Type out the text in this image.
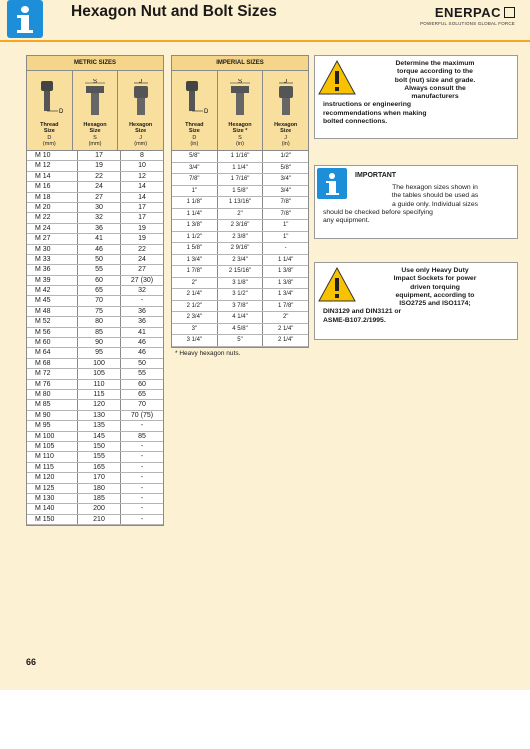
Hexagon Nut and Bolt Sizes	ENERPAC
POWERFUL SOLUTIONS GLOBAL FORCE
METRIC SIZES
D
Thread
Size
D
(mm)
S
Hexagon
Size
S
(mm)
J
Hexagon
Size
J
(mm)
M 10	17	8
M 12	19	10
M 14	22	12
M 16	24	14
M 18	27	14
M 20	30	17
M 22	32	17
M 24	36	19
M 27	41	19
M 30	46	22
M 33	50	24
M 36	55	27
M 39	60	27 (30)
M 42	65	32
M 45	70	-
M 48	75	36
M 52	80	36
M 56	85	41
M 60	90	46
M 64	95	46
M 68	100	50
M 72	105	55
M 76	110	60
M 80	115	65
M 85	120	70
M 90	130	70 (75)
M 95	135	-
M 100	145	85
M 105	150	-
M 110	155	-
M 115	165	-
M 120	170	-
M 125	180	-
M 130	185	-
M 140	200	-
M 150	210	-
IMPERIAL SIZES
D
Thread
Size
D
(in)
S
Hexagon
Size *
S
(in)
J
Hexagon
Size
J
(in)
5/8"	1 1/16"	1/2"
3/4"	1 1/4"	5/8"
7/8"	1 7/16"	3/4"
1"	1 5/8"	3/4"
1 1/8"	1 13/16"	7/8"
1 1/4"	2"	7/8"
1 3/8"	2 3/16"	1"
1 1/2"	2 3/8"	1"
1 5/8"	2 9/16"	-
1 3/4"	2 3/4"	1 1/4"
1 7/8"	2 15/16"	1 3/8"
2"	3 1/8"	1 3/8"
2 1/4"	3 1/2"	1 3/4"
2 1/2"	3 7/8"	1 7/8"
2 3/4"	4 1/4"	2"
3"	4 5/8"	2 1/4"
3 1/4"	5"	2 1/4"
* Heavy hexagon nuts.
Determine the maximum
torque according to the
bolt (nut) size and grade.
Always consult the
manufacturers
instructions or engineering
recommendations when making
bolted connections.
IMPORTANT
The hexagon sizes shown in
the tables should be used as
a guide only. Individual sizes
should be checked before specifying
any equipment.
Use only Heavy Duty
Impact Sockets for power
driven torquing
equipment, according to
ISO2725 and ISO1174;
DIN3129 and DIN3121 or
ASME-B107.2/1995.
66
